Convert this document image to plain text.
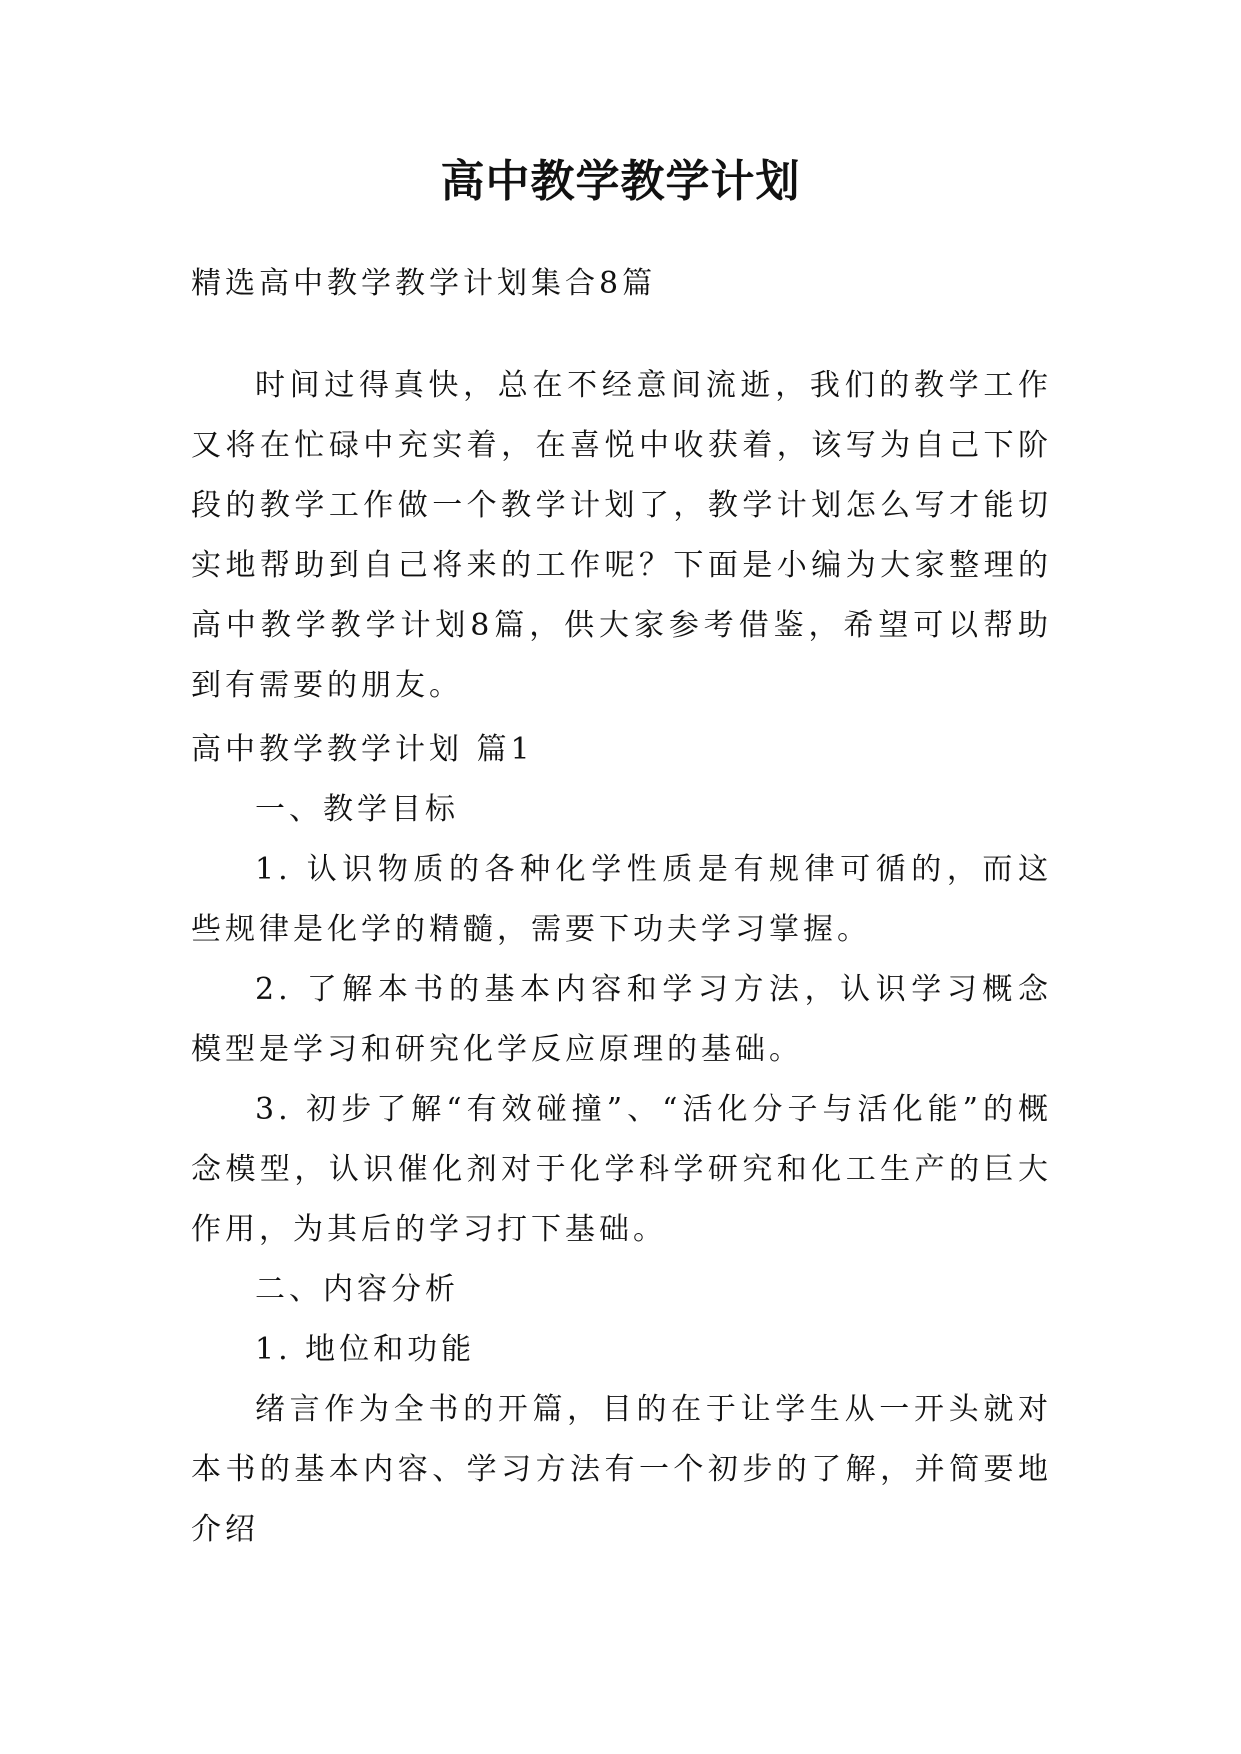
高中教学教学计划
精选高中教学教学计划集合8篇

时间过得真快，总在不经意间流逝，我们的教学工作又将在忙碌中充实着，在喜悦中收获着，该写为自己下阶段的教学工作做一个教学计划了，教学计划怎么写才能切实地帮助到自己将来的工作呢？下面是小编为大家整理的高中教学教学计划8篇，供大家参考借鉴，希望可以帮助到有需要的朋友。

高中教学教学计划 篇1

一、教学目标

1. 认识物质的各种化学性质是有规律可循的，而这些规律是化学的精髓，需要下功夫学习掌握。

2. 了解本书的基本内容和学习方法，认识学习概念模型是学习和研究化学反应原理的基础。

3. 初步了解“有效碰撞”、“活化分子与活化能”的概念模型，认识催化剂对于化学科学研究和化工生产的巨大作用，为其后的学习打下基础。

二、内容分析

1. 地位和功能

绪言作为全书的开篇，目的在于让学生从一开头就对本书的基本内容、学习方法有一个初步的了解，并简要地介绍
